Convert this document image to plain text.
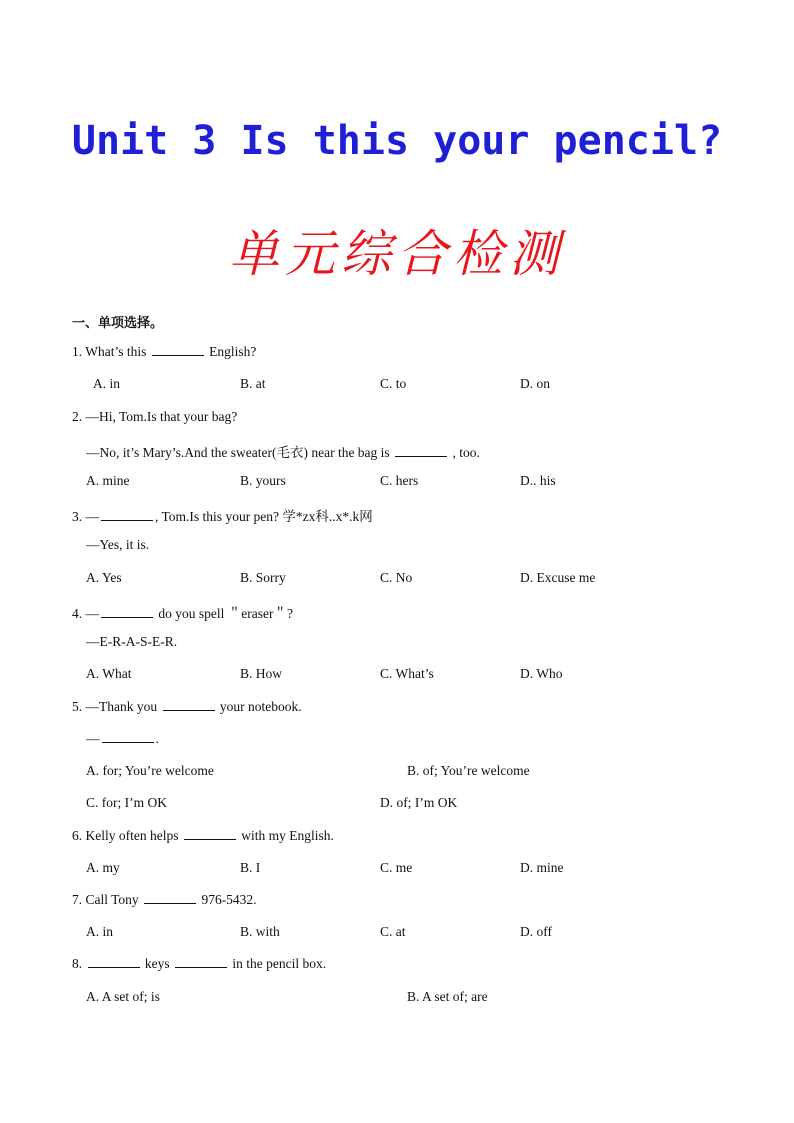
Unit 3 Is this your pencil?
单元综合检测
一、单项选择。
1. What’s this	English?
A. in	B. at	C. to	D. on
2. —Hi, Tom.Is that your bag?
—No, it’s Mary’s.And the sweater(毛衣) near the bag is	, too.
A. mine	B. yours	C. hers	D.. his
3. —	, Tom.Is this your pen? 学*zx科..x*.k网
—Yes, it is.
A. Yes	B. Sorry	C. No	D. Excuse me
4. —	do you spell ＂eraser＂?
—E-R-A-S-E-R.
A. What	B. How	C. What’s	D. Who
5. —Thank you	your notebook.
—	.
A. for; You’re welcome	B. of; You’re welcome
C. for; I’m OK	D. of; I’m OK
6. Kelly often helps	with my English.
A. my	B. I	C. me	D. mine
7. Call Tony	976-5432.
A. in	B. with	C. at	D. off
8.	keys	in the pencil box.
A. A set of; is	B. A set of; are
